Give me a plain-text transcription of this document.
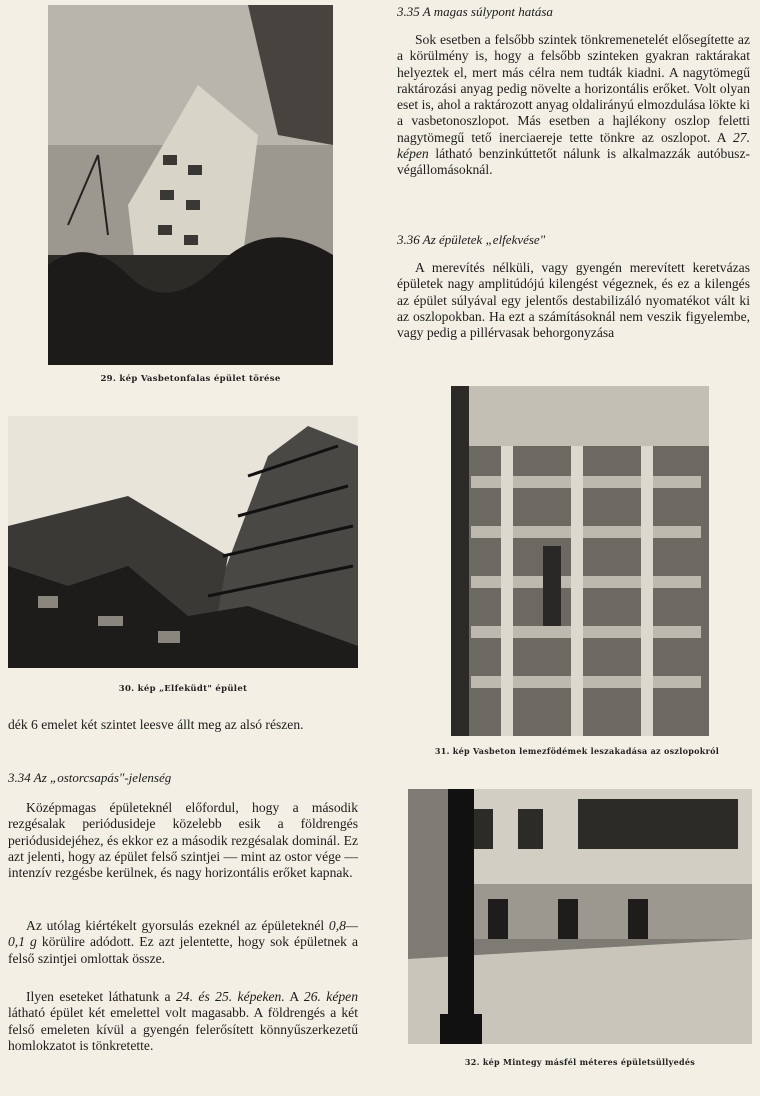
29. kép Vasbetonfalas épület törése
30. kép „Elfeküdt" épület
31. kép Vasbeton lemezfödémek leszakadása az oszlopokról
32. kép Mintegy másfél méteres épületsüllyedés

dék 6 emelet két szintet leesve állt meg az alsó részen.

3.34 Az „ostorcsapás"-jelenség

Középmagas épületeknél előfordul, hogy a második rezgésalak periódusideje közelebb esik a földrengés periódusidejéhez, és ekkor ez a második rezgésalak dominál. Ez azt jelenti, hogy az épület felső szintjei — mint az ostor vége — intenzív rezgésbe kerülnek, és nagy horizontális erőket kapnak.

Az utólag kiértékelt gyorsulás ezeknél az épületeknél 0,8—0,1 g körülire adódott. Ez azt jelentette, hogy sok épületnek a felső szintjei omlottak össze.

Ilyen eseteket láthatunk a 24. és 25. képeken. A 26. képen látható épület két emelettel volt magasabb. A földrengés a két felső emeleten kívül a gyengén felerősített könnyűszerkezetű homlokzatot is tönkretette.

3.35 A magas súlypont hatása

Sok esetben a felsőbb szintek tönkremenetelét elősegítette az a körülmény is, hogy a felsőbb szinteken gyakran raktárakat helyeztek el, mert más célra nem tudták kiadni. A nagytömegű raktározási anyag pedig növelte a horizontális erőket. Volt olyan eset is, ahol a raktározott anyag oldalirányú elmozdulása lökte ki a vasbetonoszlopot. Más esetben a hajlékony oszlop feletti nagytömegű tető inerciaereje tette tönkre az oszlopot. A 27. képen látható benzinkúttetőt nálunk is alkalmazzák autóbusz-végállomásoknál.

3.36 Az épületek „elfekvése"

A merevítés nélküli, vagy gyengén merevített keretvázas épületek nagy amplitúdójú kilengést végeznek, és ez a kilengés az épület súlyával egy jelentős destabilizáló nyomatékot vált ki az oszlopokban. Ha ezt a számításoknál nem veszik figyelembe, vagy pedig a pillérvasak behorgonyzása
